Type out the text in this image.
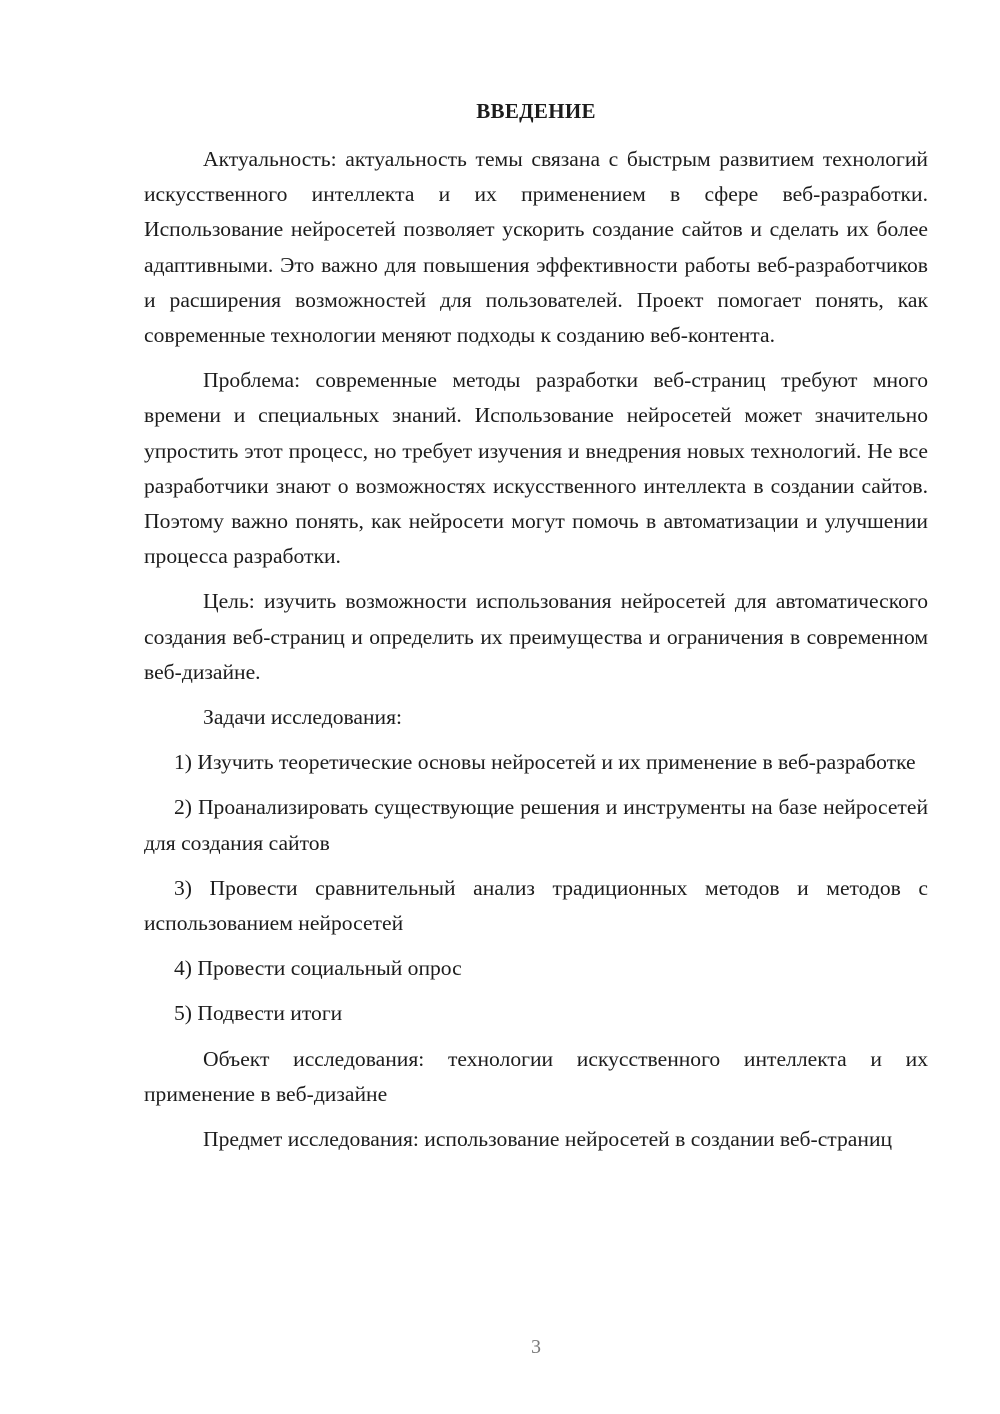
ВВЕДЕНИЕ

Актуальность: актуальность темы связана с быстрым развитием технологий искусственного интеллекта и их применением в сфере веб-разработки. Использование нейросетей позволяет ускорить создание сайтов и сделать их более адаптивными. Это важно для повышения эффективности работы веб-разработчиков и расширения возможностей для пользователей. Проект помогает понять, как современные технологии меняют подходы к созданию веб-контента.

Проблема: современные методы разработки веб-страниц требуют много времени и специальных знаний. Использование нейросетей может значительно упростить этот процесс, но требует изучения и внедрения новых технологий. Не все разработчики знают о возможностях искусственного интеллекта в создании сайтов. Поэтому важно понять, как нейросети могут помочь в автоматизации и улучшении процесса разработки.

Цель: изучить возможности использования нейросетей для автоматического создания веб-страниц и определить их преимущества и ограничения в современном веб-дизайне.

Задачи исследования:

1) Изучить теоретические основы нейросетей и их применение в веб-разработке

2) Проанализировать существующие решения и инструменты на базе нейросетей для создания сайтов

3) Провести сравнительный анализ традиционных методов и методов с использованием нейросетей

4) Провести социальный опрос

5) Подвести итоги

Объект исследования: технологии искусственного интеллекта и их применение в веб-дизайне

Предмет исследования: использование нейросетей в создании веб-страниц

3
